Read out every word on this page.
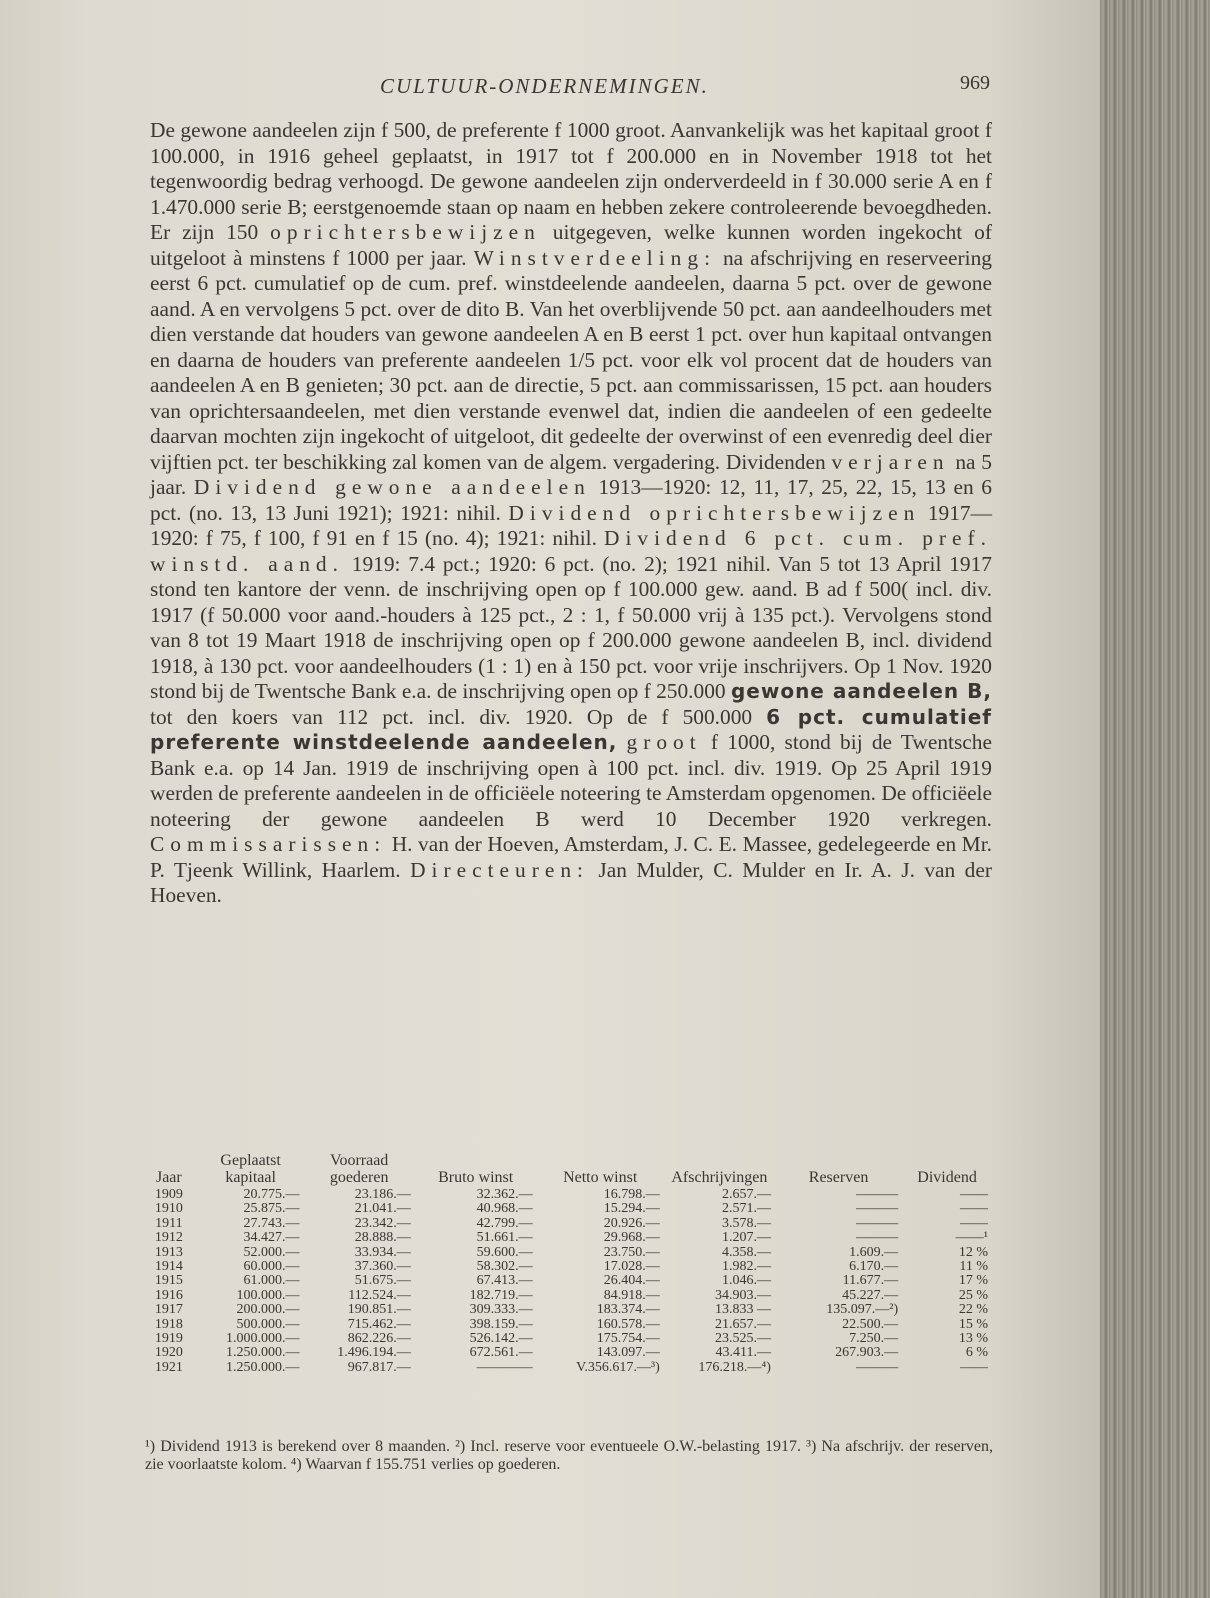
CULTUUR-ONDERNEMINGEN.	969

De gewone aandeelen zijn f 500, de preferente f 1000 groot. Aanvankelijk was het kapitaal groot f 100.000, in 1916 geheel geplaatst, in 1917 tot f 200.000 en in November 1918 tot het tegenwoordig bedrag verhoogd. De gewone aandeelen zijn onderverdeeld in f 30.000 serie A en f 1.470.000 serie B; eerstgenoemde staan op naam en hebben zekere controleerende bevoegdheden. Er zijn 150 oprichtersbewijzen uitgegeven, welke kunnen worden ingekocht of uitgeloot à minstens f 1000 per jaar. Winstverdeeling: na afschrijving en reserveering eerst 6 pct. cumulatief op de cum. pref. winstdeelende aandeelen, daarna 5 pct. over de gewone aand. A en vervolgens 5 pct. over de dito B. Van het overblijvende 50 pct. aan aandeelhouders met dien verstande dat houders van gewone aandeelen A en B eerst 1 pct. over hun kapitaal ontvangen en daarna de houders van preferente aandeelen 1/5 pct. voor elk vol procent dat de houders van aandeelen A en B genieten; 30 pct. aan de directie, 5 pct. aan commissarissen, 15 pct. aan houders van oprichtersaandeelen, met dien verstande evenwel dat, indien die aandeelen of een gedeelte daarvan mochten zijn ingekocht of uitgeloot, dit gedeelte der overwinst of een evenredig deel dier vijftien pct. ter beschikking zal komen van de algem. vergadering. Dividenden verjaren na 5 jaar. Dividend gewone aandeelen 1913—1920: 12, 11, 17, 25, 22, 15, 13 en 6 pct. (no. 13, 13 Juni 1921); 1921: nihil. Dividend oprichtersbewijzen 1917—1920: f 75, f 100, f 91 en f 15 (no. 4); 1921: nihil. Dividend 6 pct. cum. pref. winstd. aand. 1919: 7.4 pct.; 1920: 6 pct. (no. 2); 1921 nihil. Van 5 tot 13 April 1917 stond ten kantore der venn. de inschrijving open op f 100.000 gew. aand. B ad f 500( incl. div. 1917 (f 50.000 voor aand.-houders à 125 pct., 2 : 1, f 50.000 vrij à 135 pct.). Vervolgens stond van 8 tot 19 Maart 1918 de inschrijving open op f 200.000 gewone aandeelen B, incl. dividend 1918, à 130 pct. voor aandeelhouders (1 : 1) en à 150 pct. voor vrije inschrijvers. Op 1 Nov. 1920 stond bij de Twentsche Bank e.a. de inschrijving open op f 250.000 gewone aandeelen B, tot den koers van 112 pct. incl. div. 1920. Op de f 500.000 6 pct. cumulatief preferente winstdeelende aandeelen, groot f 1000, stond bij de Twentsche Bank e.a. op 14 Jan. 1919 de inschrijving open à 100 pct. incl. div. 1919. Op 25 April 1919 werden de preferente aandeelen in de officiëele noteering te Amsterdam opgenomen. De officiëele noteering der gewone aandeelen B werd 10 December 1920 verkregen. Commissarissen: H. van der Hoeven, Amsterdam, J. C. E. Massee, gedelegeerde en Mr. P. Tjeenk Willink, Haarlem. Directeuren: Jan Mulder, C. Mulder en Ir. A. J. van der Hoeven.

Jaar	Geplaatst kapitaal	Voorraad goederen	Bruto winst	Netto winst	Afschrijvingen	Reserven	Dividend
1909	20.775.—	23.186.—	32.362.—	16.798.—	2.657.—	———	——
1910	25.875.—	21.041.—	40.968.—	15.294.—	2.571.—	———	——
1911	27.743.—	23.342.—	42.799.—	20.926.—	3.578.—	———	——
1912	34.427.—	28.888.—	51.661.—	29.968.—	1.207.—	———	——¹
1913	52.000.—	33.934.—	59.600.—	23.750.—	4.358.—	1.609.—	12 %
1914	60.000.—	37.360.—	58.302.—	17.028.—	1.982.—	6.170.—	11 %
1915	61.000.—	51.675.—	67.413.—	26.404.—	1.046.—	11.677.—	17 %
1916	100.000.—	112.524.—	182.719.—	84.918.—	34.903.—	45.227.—	25 %
1917	200.000.—	190.851.—	309.333.—	183.374.—	13.833 —	135.097.—²)	22 %
1918	500.000.—	715.462.—	398.159.—	160.578.—	21.657.—	22.500.—	15 %
1919	1.000.000.—	862.226.—	526.142.—	175.754.—	23.525.—	7.250.—	13 %
1920	1.250.000.—	1.496.194.—	672.561.—	143.097.—	43.411.—	267.903.—	6 %
1921	1.250.000.—	967.817.—	————	V.356.617.—³)	176.218.—⁴)	———	——

¹) Dividend 1913 is berekend over 8 maanden. ²) Incl. reserve voor eventueele O.W.-belasting 1917. ³) Na afschrijv. der reserven, zie voorlaatste kolom. ⁴) Waarvan f 155.751 verlies op goederen.
